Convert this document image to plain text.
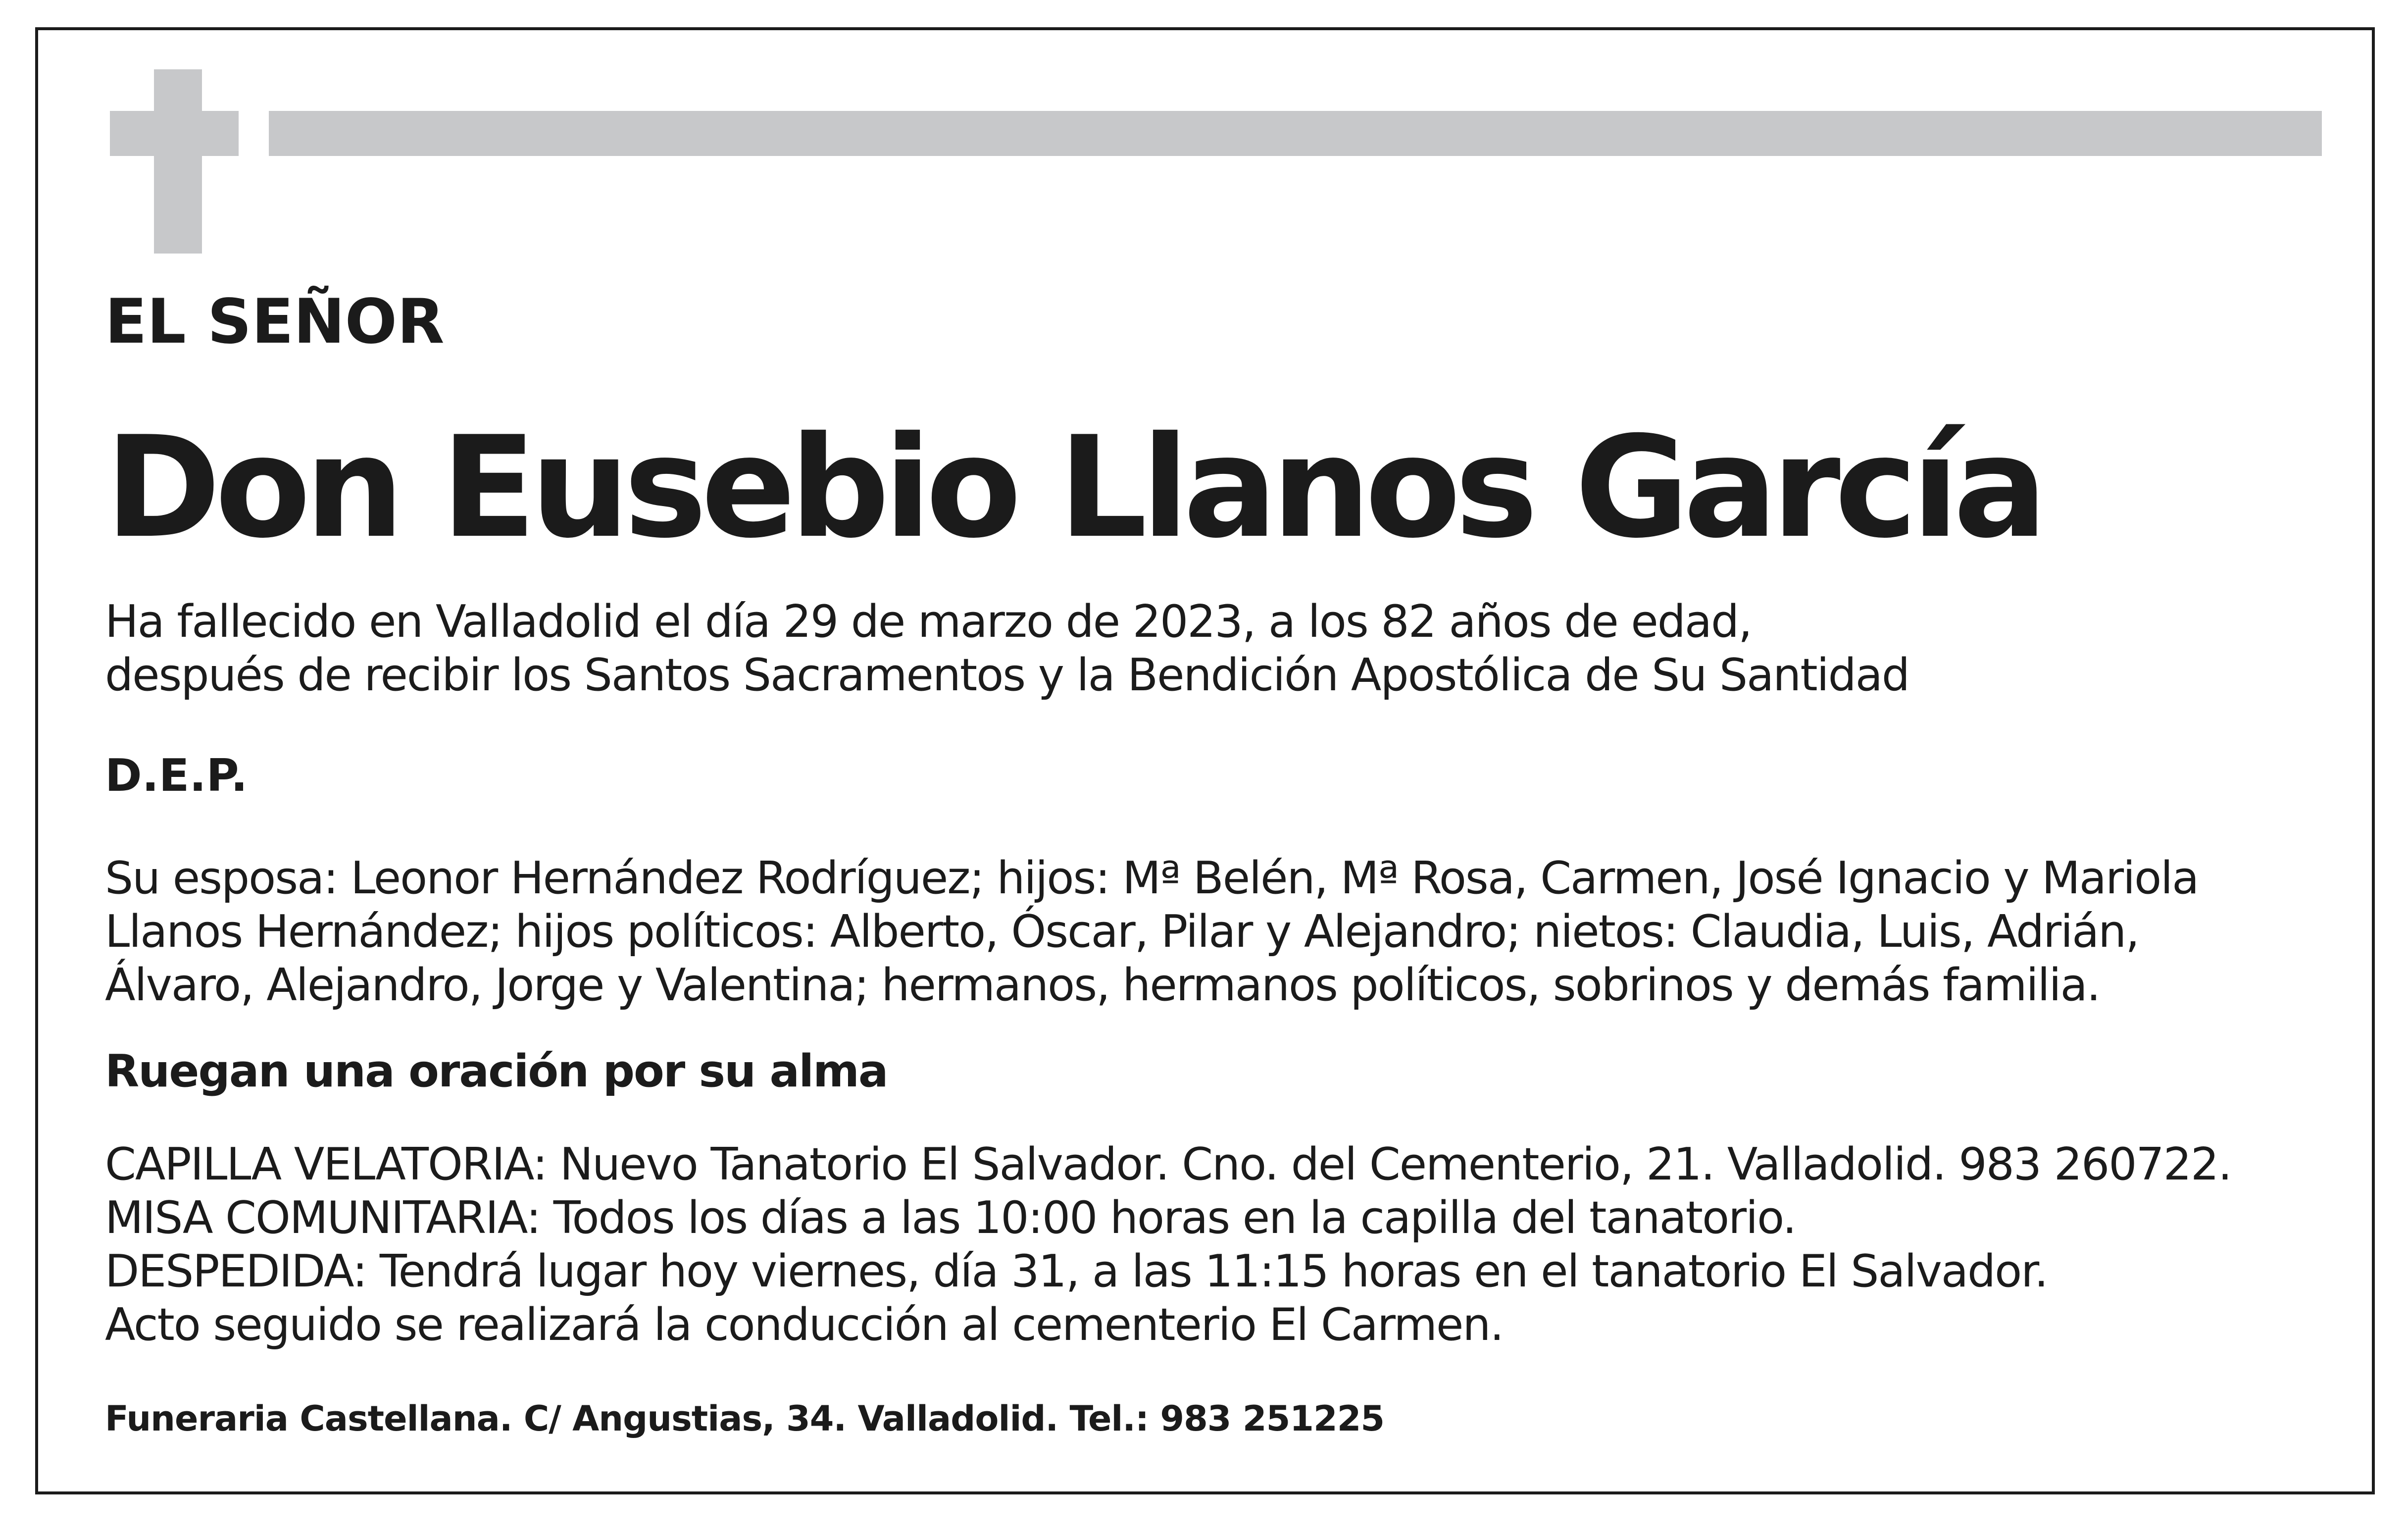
EL SEÑOR

Don Eusebio Llanos García

Ha fallecido en Valladolid el día 29 de marzo de 2023, a los 82 años de edad,
después de recibir los Santos Sacramentos y la Bendición Apostólica de Su Santidad

D.E.P.

Su esposa: Leonor Hernández Rodríguez; hijos: Mª Belén, Mª Rosa, Carmen, José Ignacio y Mariola
Llanos Hernández; hijos políticos: Alberto, Óscar, Pilar y Alejandro; nietos: Claudia, Luis, Adrián,
Álvaro, Alejandro, Jorge y Valentina; hermanos, hermanos políticos, sobrinos y demás familia.

Ruegan una oración por su alma

CAPILLA VELATORIA: Nuevo Tanatorio El Salvador. Cno. del Cementerio, 21. Valladolid. 983 260722.
MISA COMUNITARIA: Todos los días a las 10:00 horas en la capilla del tanatorio.
DESPEDIDA: Tendrá lugar hoy viernes, día 31, a las 11:15 horas en el tanatorio El Salvador.
Acto seguido se realizará la conducción al cementerio El Carmen.

Funeraria Castellana. C/ Angustias, 34. Valladolid. Tel.: 983 251225
